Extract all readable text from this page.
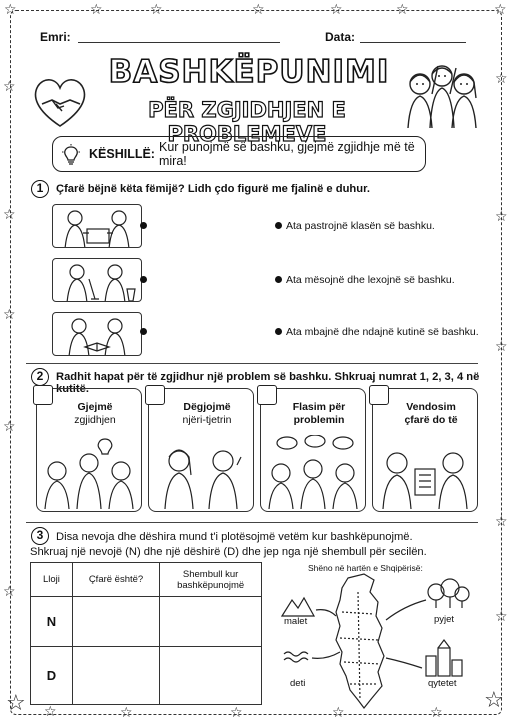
☆	☆	☆	☆	☆	☆	☆
☆
☆
☆
☆
☆
☆
☆
☆
☆
☆
☆ ☆	☆	☆	☆	☆ ☆
Emri:	Data:
BASHKËPUNIMI
PËR ZGJIDHJEN E PROBLEMEVE
KËSHILLË: Kur punojmë së bashku, gjejmë zgjidhje më të mira!
1	Çfarë bëjnë këta fëmijë? Lidh çdo figurë me fjalinë e duhur.
Ata pastrojnë klasën së bashku.
Ata mësojnë dhe lexojnë së bashku.
Ata mbajnë dhe ndajnë kutinë së bashku.
2	Radhit hapat për të zgjidhur një problem së bashku. Shkruaj numrat 1, 2, 3, 4 në kutitë.
Gjejmë
zgjidhjen
Dëgjojmë
njëri-tjetrin
Flasim për
problemin
Vendosim
çfarë do të
3	Disa nevoja dhe dëshira mund t'i plotësojmë vetëm kur bashkëpunojmë.
Shkruaj një nevojë (N) dhe një dëshirë (D) dhe jep nga një shembull për secilën.
Lloji	Çfarë është?	Shembull kur bashkëpunojmë
N		
D		
Shëno në hartën e Shqipërisë:
malet	pyjet
deti	qytetet
